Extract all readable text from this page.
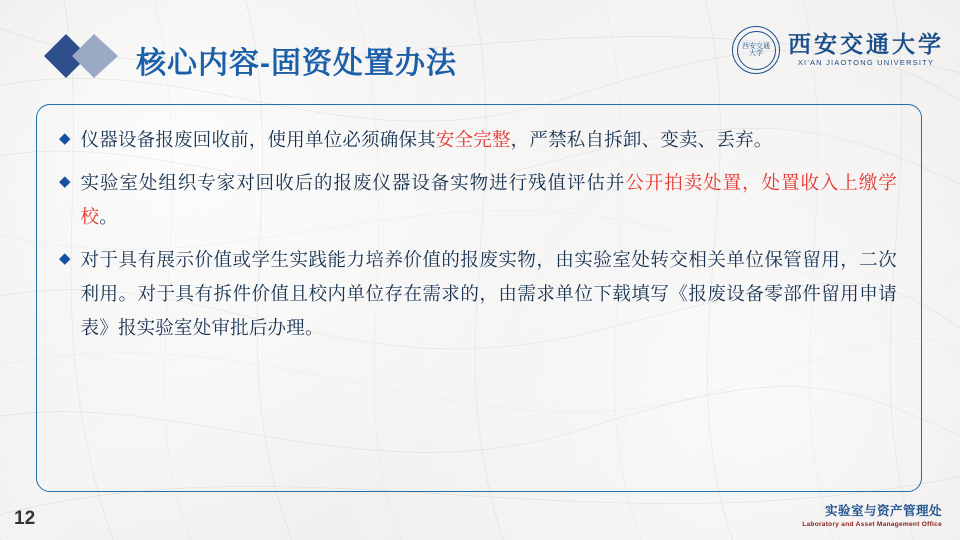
核心内容-固资处置办法
西安交通大学	西安交通大学
XI'AN JIAOTONG UNIVERSITY
◆ 仪器设备报废回收前，使用单位必须确保其安全完整，严禁私自拆卸、变卖、丢弃。
◆ 实验室处组织专家对回收后的报废仪器设备实物进行残值评估并公开拍卖处置，处置收入上缴学校。
◆ 对于具有展示价值或学生实践能力培养价值的报废实物，由实验室处转交相关单位保管留用，二次利用。对于具有拆件价值且校内单位存在需求的，由需求单位下载填写《报废设备零部件留用申请表》报实验室处审批后办理。
12	实验室与资产管理处
Laboratory and Asset Management Office
